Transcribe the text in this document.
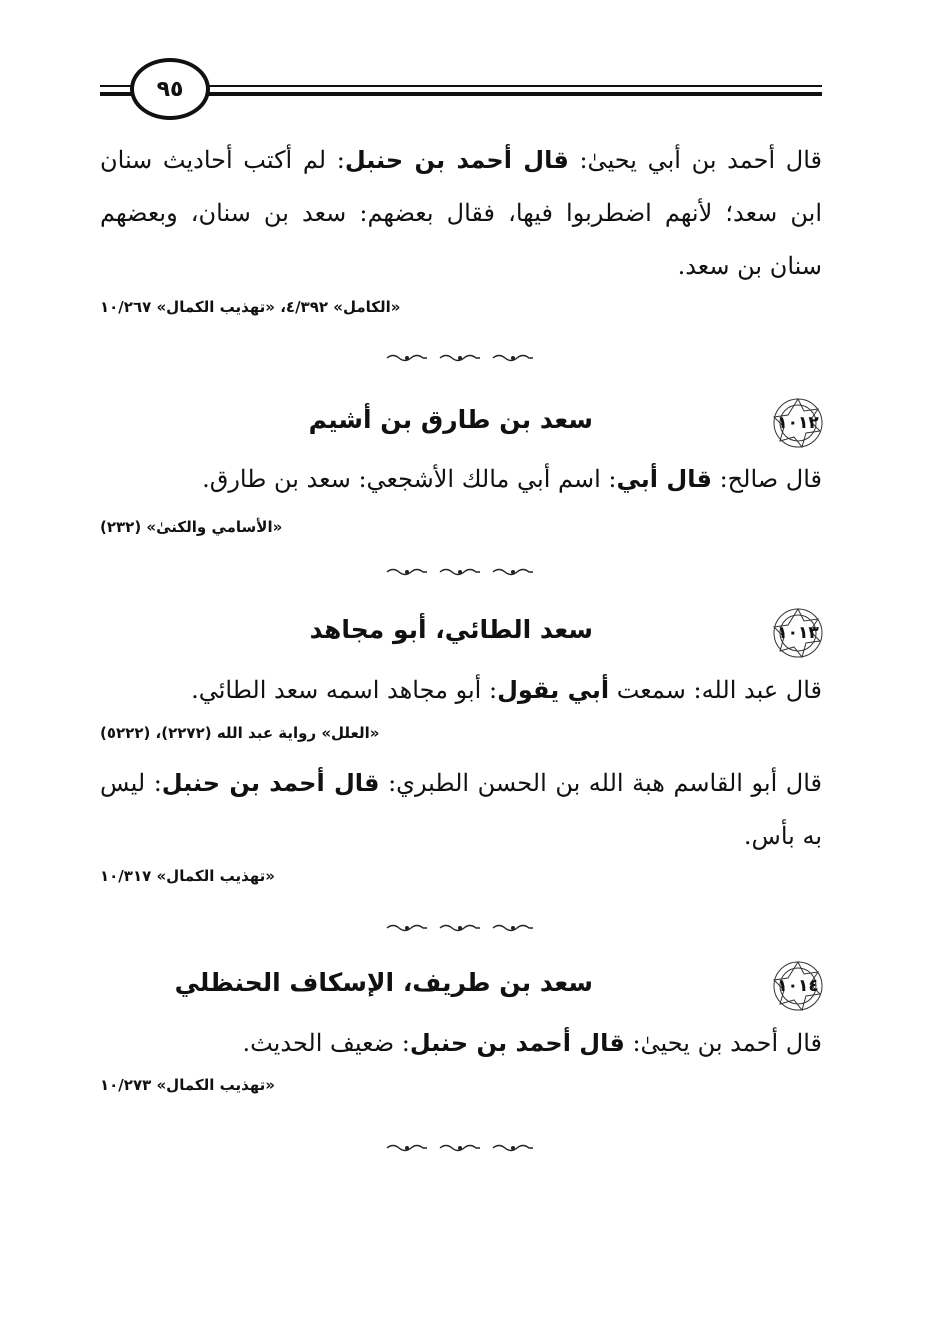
٩٥
قال أحمد بن أبي يحيىٰ: قال أحمد بن حنبل: لم أكتب أحاديث سنان ابن سعد؛ لأنهم اضطربوا فيها، فقال بعضهم: سعد بن سنان، وبعضهم سنان بن سعد.
«الكامل» ٤/٣٩٢، «تهذيب الكمال» ١٠/٢٦٧
١٠١٢
سعد بن طارق بن أشيم
قال صالح: قال أبي: اسم أبي مالك الأشجعي: سعد بن طارق.
«الأسامي والكنىٰ» (٢٣٢)
١٠١٣
سعد الطائي، أبو مجاهد
قال عبد الله: سمعت أبي يقول: أبو مجاهد اسمه سعد الطائي.
«العلل» رواية عبد الله (٢٢٧٢)، (٥٢٢٢)
قال أبو القاسم هبة الله بن الحسن الطبري: قال أحمد بن حنبل: ليس به بأس.
«تهذيب الكمال» ١٠/٣١٧
١٠١٤
سعد بن طريف، الإسكاف الحنظلي
قال أحمد بن يحيىٰ: قال أحمد بن حنبل: ضعيف الحديث.
«تهذيب الكمال» ١٠/٢٧٣
